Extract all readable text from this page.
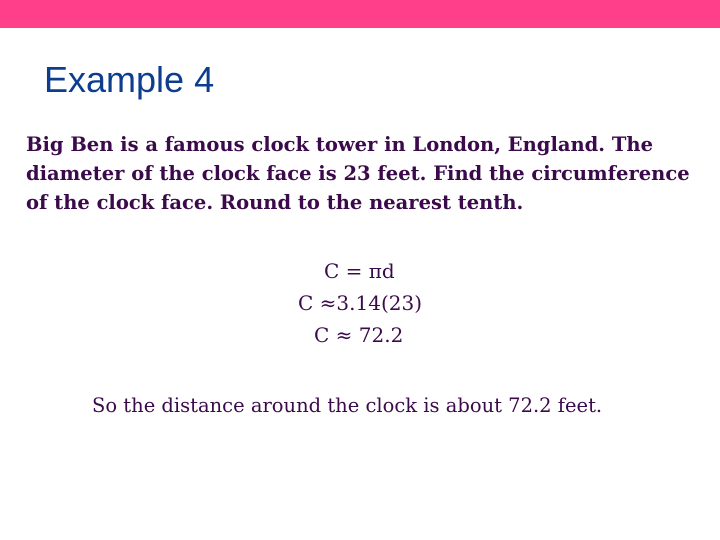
Example 4
Big Ben is a famous clock tower in London, England. The
diameter of the clock face is 23 feet. Find the circumference
of the clock face. Round to the nearest tenth.
C = πd
C ≈3.14(23)
C ≈ 72.2
So the distance around the clock is about 72.2 feet.
